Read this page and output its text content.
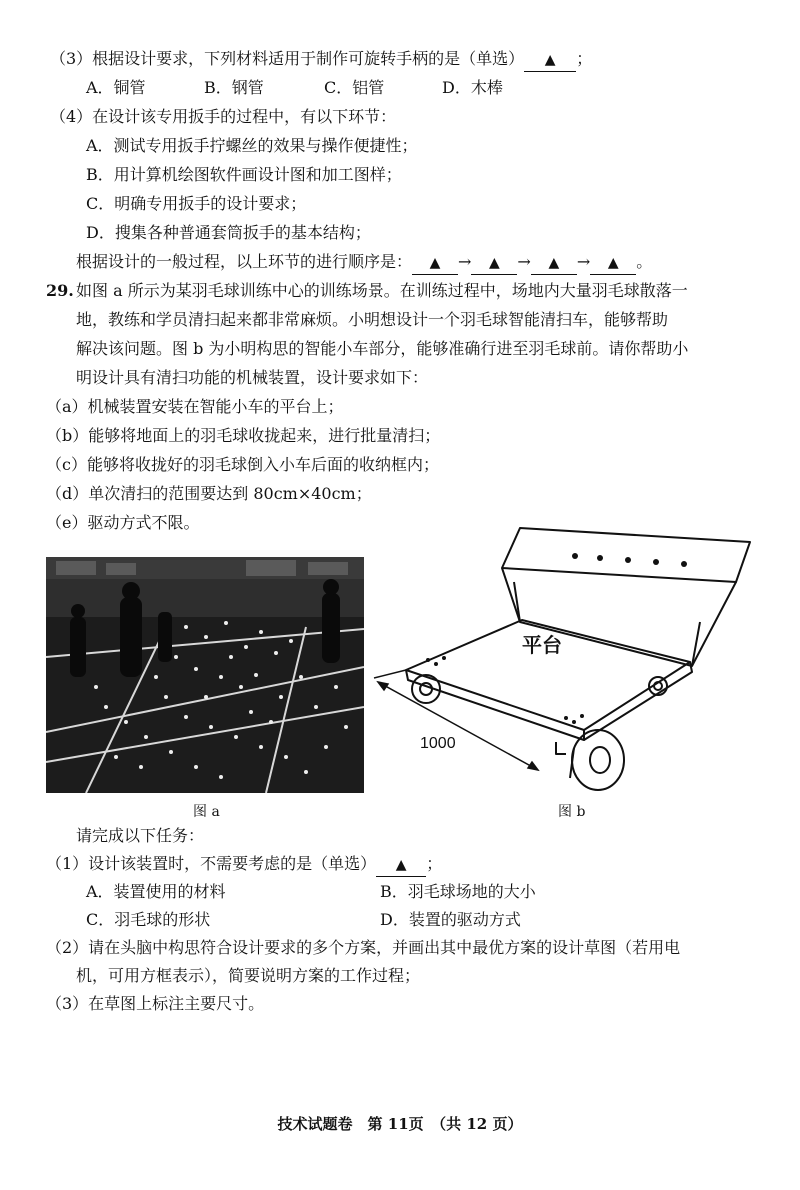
（3）根据设计要求，下列材料适用于制作可旋转手柄的是（单选） ▲ ；
A．铜管	B．钢管	C．铝管	D．木棒
（4）在设计该专用扳手的过程中，有以下环节：
A．测试专用扳手拧螺丝的效果与操作便捷性；
B．用计算机绘图软件画设计图和加工图样；
C．明确专用扳手的设计要求；
D．搜集各种普通套筒扳手的基本结构；
根据设计的一般过程，以上环节的进行顺序是： ▲ → ▲ → ▲ → ▲ 。
29. 如图 a 所示为某羽毛球训练中心的训练场景。在训练过程中，场地内大量羽毛球散落一
地，教练和学员清扫起来都非常麻烦。小明想设计一个羽毛球智能清扫车，能够帮助
解决该问题。图 b 为小明构思的智能小车部分，能够准确行进至羽毛球前。请你帮助小
明设计具有清扫功能的机械装置，设计要求如下：
（a）机械装置安装在智能小车的平台上；
（b）能够将地面上的羽毛球收拢起来，进行批量清扫；
（c）能够将收拢好的羽毛球倒入小车后面的收纳框内；
（d）单次清扫的范围要达到 80cm×40cm；
（e）驱动方式不限。
图 a
平台
1000
图 b
请完成以下任务：
（1）设计该装置时，不需要考虑的是（单选） ▲ ；
A．装置使用的材料	B．羽毛球场地的大小
C．羽毛球的形状	D．装置的驱动方式
（2）请在头脑中构思符合设计要求的多个方案，并画出其中最优方案的设计草图（若用电
机，可用方框表示），简要说明方案的工作过程；
（3）在草图上标注主要尺寸。
技术试题卷　第 11页　（共 12 页）
